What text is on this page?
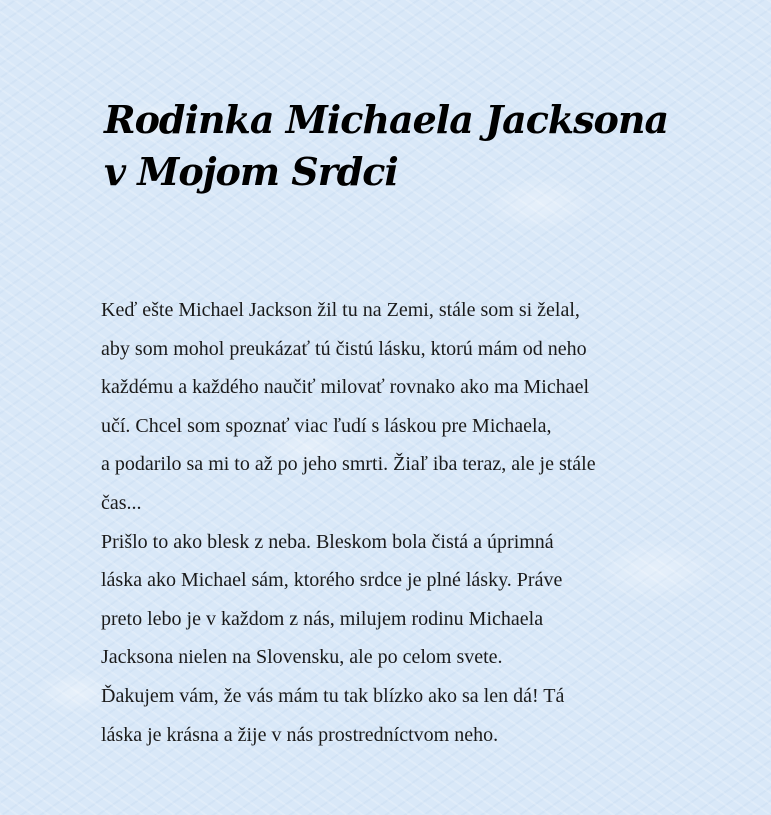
Rodinka Michaela Jacksona
v Mojom Srdci
Keď ešte Michael Jackson žil tu na Zemi, stále som si želal,
aby som mohol preukázať tú čistú lásku, ktorú mám od neho
každému a každého naučiť milovať rovnako ako ma Michael
učí. Chcel som spoznať viac ľudí s láskou pre Michaela,
a podarilo sa mi to až po jeho smrti. Žiaľ iba teraz, ale je stále
čas...
Prišlo to ako blesk z neba. Bleskom bola čistá a úprimná
láska ako Michael sám, ktorého srdce je plné lásky. Práve
preto lebo je v každom z nás, milujem rodinu Michaela
Jacksona nielen na Slovensku, ale po celom svete.
Ďakujem vám, že vás mám tu tak blízko ako sa len dá! Tá
láska je krásna a žije v nás prostredníctvom neho.
